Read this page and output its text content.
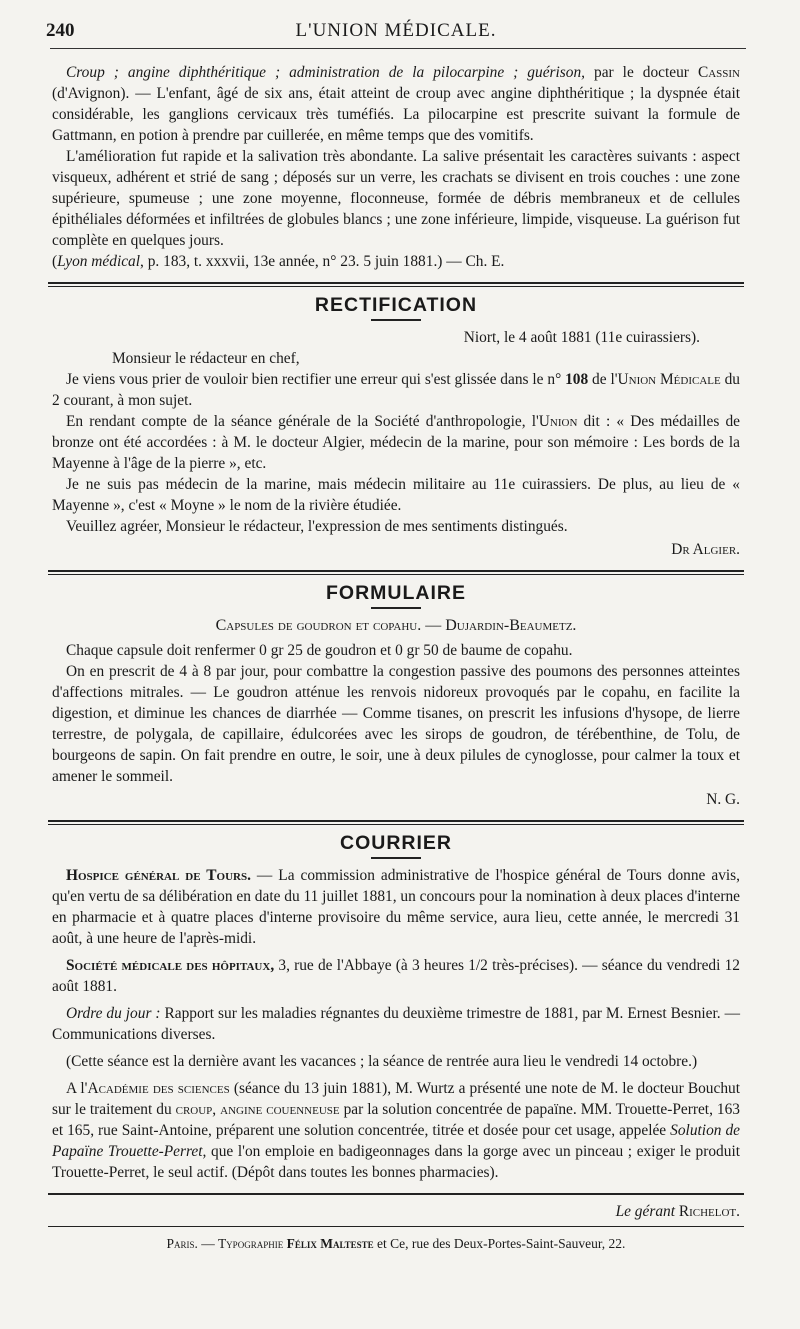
240	L'UNION MÉDICALE.

Croup ; angine diphthéritique ; administration de la pilocarpine ; guérison, par le docteur Cassin (d'Avignon). — L'enfant, âgé de six ans, était atteint de croup avec angine diphthéritique ; la dyspnée était considérable, les ganglions cervicaux très tuméfiés. La pilocarpine est prescrite suivant la formule de Gattmann, en potion à prendre par cuillerée, en même temps que des vomitifs.

L'amélioration fut rapide et la salivation très abondante. La salive présentait les caractères suivants : aspect visqueux, adhérent et strié de sang ; déposés sur un verre, les crachats se divisent en trois couches : une zone supérieure, spumeuse ; une zone moyenne, floconneuse, formée de débris membraneux et de cellules épithéliales déformées et infiltrées de globules blancs ; une zone inférieure, limpide, visqueuse. La guérison fut complète en quelques jours.

(Lyon médical, p. 183, t. xxxvii, 13e année, n° 23. 5 juin 1881.) — Ch. E.

RECTIFICATION

Niort, le 4 août 1881 (11e cuirassiers).

Monsieur le rédacteur en chef,

Je viens vous prier de vouloir bien rectifier une erreur qui s'est glissée dans le n° 108 de l'Union Médicale du 2 courant, à mon sujet.

En rendant compte de la séance générale de la Société d'anthropologie, l'Union dit : « Des médailles de bronze ont été accordées : à M. le docteur Algier, médecin de la marine, pour son mémoire : Les bords de la Mayenne à l'âge de la pierre », etc.

Je ne suis pas médecin de la marine, mais médecin militaire au 11e cuirassiers. De plus, au lieu de « Mayenne », c'est « Moyne » le nom de la rivière étudiée.

Veuillez agréer, Monsieur le rédacteur, l'expression de mes sentiments distingués.

Dr Algier.

FORMULAIRE

Capsules de goudron et copahu. — Dujardin-Beaumetz.

Chaque capsule doit renfermer 0 gr 25 de goudron et 0 gr 50 de baume de copahu.

On en prescrit de 4 à 8 par jour, pour combattre la congestion passive des poumons des personnes atteintes d'affections mitrales. — Le goudron atténue les renvois nidoreux provoqués par le copahu, en facilite la digestion, et diminue les chances de diarrhée — Comme tisanes, on prescrit les infusions d'hysope, de lierre terrestre, de polygala, de capillaire, édulcorées avec les sirops de goudron, de térébenthine, de Tolu, de bourgeons de sapin. On fait prendre en outre, le soir, une à deux pilules de cynoglosse, pour calmer la toux et amener le sommeil.

N. G.

COURRIER

Hospice général de Tours. — La commission administrative de l'hospice général de Tours donne avis, qu'en vertu de sa délibération en date du 11 juillet 1881, un concours pour la nomination à deux places d'interne en pharmacie et à quatre places d'interne provisoire du même service, aura lieu, cette année, le mercredi 31 août, à une heure de l'après-midi.

Société médicale des hôpitaux, 3, rue de l'Abbaye (à 3 heures 1/2 très-précises). — séance du vendredi 12 août 1881.

Ordre du jour : Rapport sur les maladies régnantes du deuxième trimestre de 1881, par M. Ernest Besnier. — Communications diverses.

(Cette séance est la dernière avant les vacances ; la séance de rentrée aura lieu le vendredi 14 octobre.)

A l'Académie des sciences (séance du 13 juin 1881), M. Wurtz a présenté une note de M. le docteur Bouchut sur le traitement du croup, angine couenneuse par la solution concentrée de papaïne. MM. Trouette-Perret, 163 et 165, rue Saint-Antoine, préparent une solution concentrée, titrée et dosée pour cet usage, appelée Solution de Papaïne Trouette-Perret, que l'on emploie en badigeonnages dans la gorge avec un pinceau ; exiger le produit Trouette-Perret, le seul actif. (Dépôt dans toutes les bonnes pharmacies).

Le gérant Richelot.

Paris. — Typographie Félix Malteste et Ce, rue des Deux-Portes-Saint-Sauveur, 22.
